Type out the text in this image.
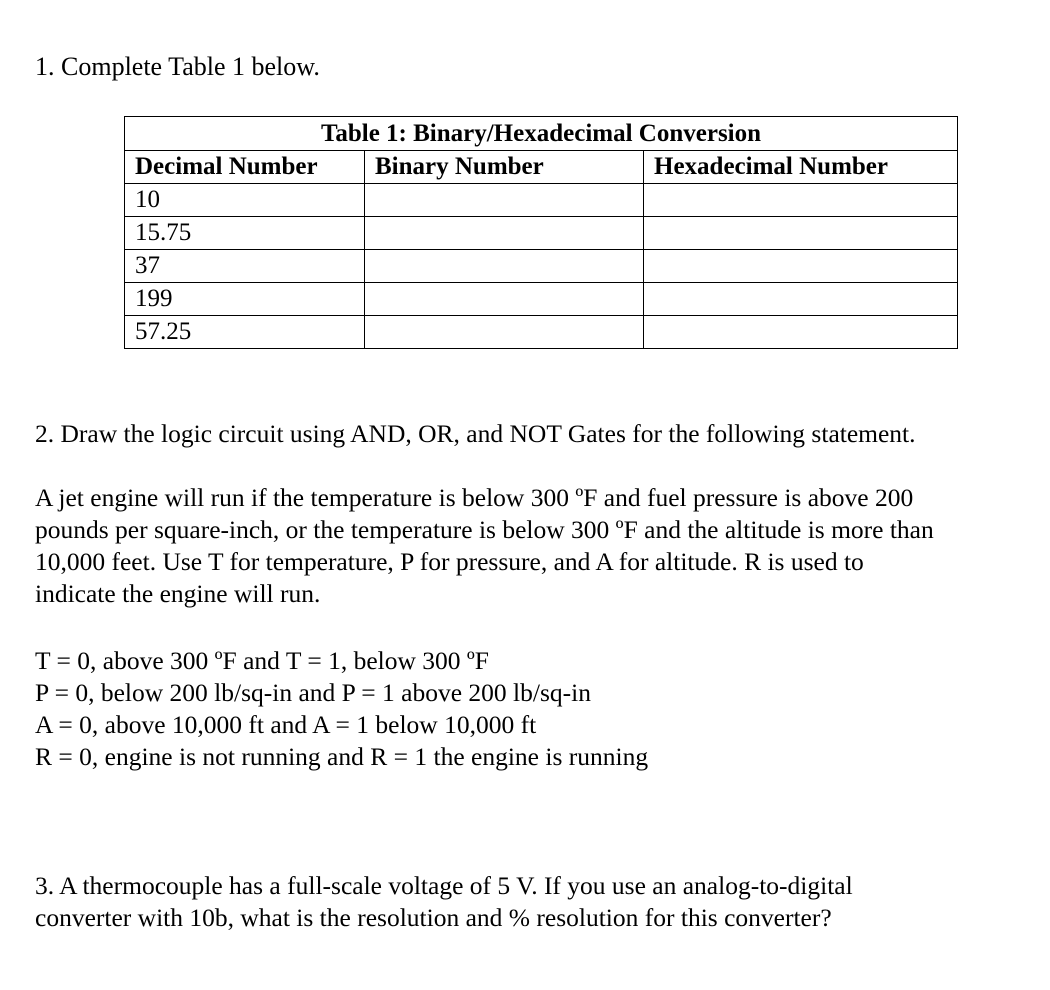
1. Complete Table 1 below.
Table 1: Binary/Hexadecimal Conversion		
Decimal Number	Binary Number	Hexadecimal Number
10		
15.75		
37		
199		
57.25		
2. Draw the logic circuit using AND, OR, and NOT Gates for the following statement.
A jet engine will run if the temperature is below 300 ºF and fuel pressure is above 200
pounds per square-inch, or the temperature is below 300 ºF and the altitude is more than
10,000 feet. Use T for temperature, P for pressure, and A for altitude. R is used to
indicate the engine will run.
T = 0, above 300 ºF and T = 1, below 300 ºF
P = 0, below 200 lb/sq-in and P = 1 above 200 lb/sq-in
A = 0, above 10,000 ft and A = 1 below 10,000 ft
R = 0, engine is not running and R = 1 the engine is running
3. A thermocouple has a full-scale voltage of 5 V. If you use an analog-to-digital
converter with 10b, what is the resolution and % resolution for this converter?
